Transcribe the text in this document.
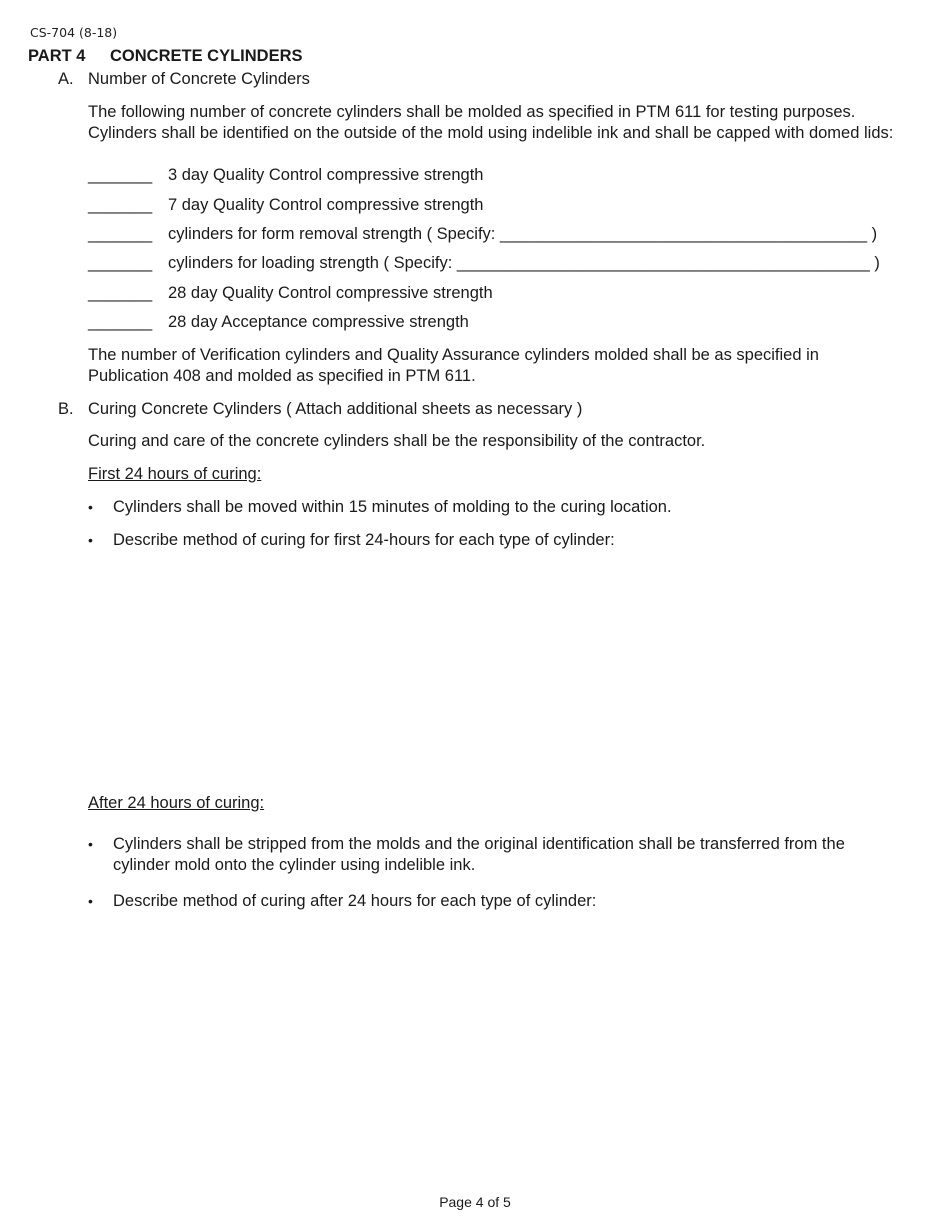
CS-704 (8-18)
PART 4 CONCRETE CYLINDERS
A. Number of Concrete Cylinders
The following number of concrete cylinders shall be molded as specified in PTM 611 for testing purposes.
Cylinders shall be identified on the outside of the mold using indelible ink and shall be capped with domed lids:
_______ 3 day Quality Control compressive strength
_______ 7 day Quality Control compressive strength
_______ cylinders for form removal strength ( Specify: ________________________________________ )
_______ cylinders for loading strength ( Specify: _____________________________________________ )
_______ 28 day Quality Control compressive strength
_______ 28 day Acceptance compressive strength
The number of Verification cylinders and Quality Assurance cylinders molded shall be as specified in
Publication 408 and molded as specified in PTM 611.
B. Curing Concrete Cylinders ( Attach additional sheets as necessary )
Curing and care of the concrete cylinders shall be the responsibility of the contractor.
First 24 hours of curing:
• Cylinders shall be moved within 15 minutes of molding to the curing location.
• Describe method of curing for first 24-hours for each type of cylinder:
After 24 hours of curing:
• Cylinders shall be stripped from the molds and the original identification shall be transferred from the
cylinder mold onto the cylinder using indelible ink.
• Describe method of curing after 24 hours for each type of cylinder:
Page 4 of 5
